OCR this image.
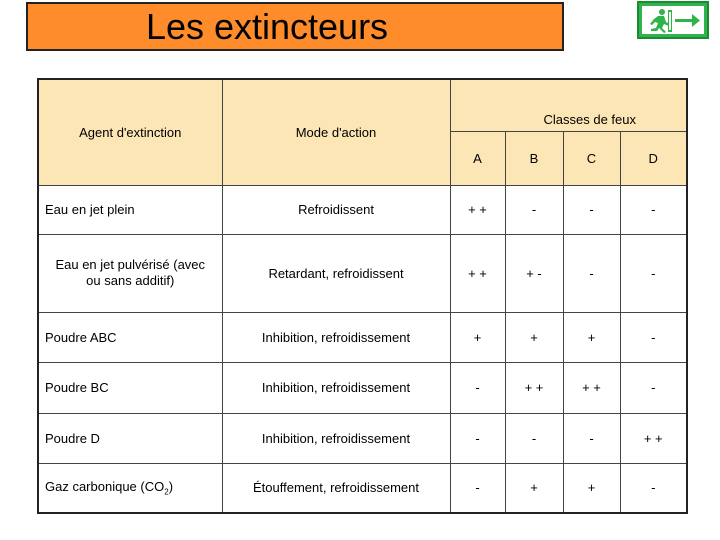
Les extincteurs
Agent d'extinction	Mode d'action	Classes de feux			
		A	B	C	D
Eau en jet plein	Refroidissent	+ +	-	-	-
Eau en jet pulvérisé (avec ou sans additif)	Retardant, refroidissent	+ +	+ -	-	-
Poudre ABC	Inhibition, refroidissement	+	+	+	-
Poudre BC	Inhibition, refroidissement	-	+ +	+ +	-
Poudre D	Inhibition, refroidissement	-	-	-	+ +
Gaz carbonique $(CO_2)$	Étouffement, refroidissement	-	+	+	-
